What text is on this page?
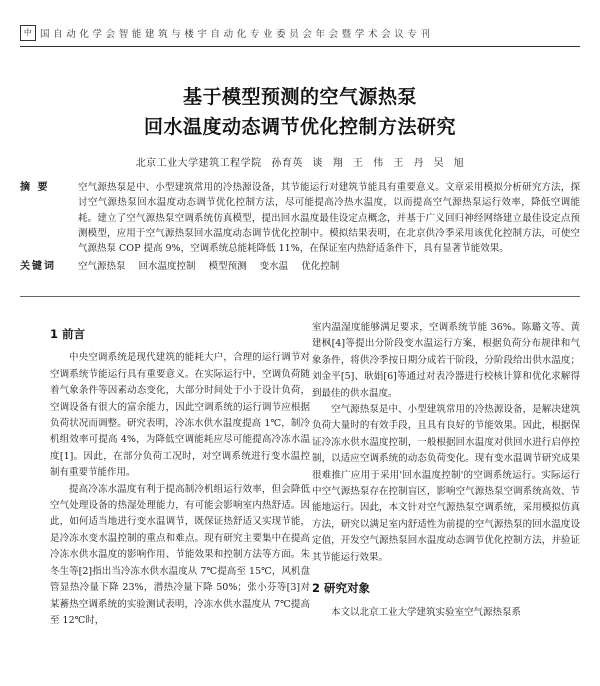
中 国 自 动 化 学 会 智 能 建 筑 与 楼 宇 自 动 化 专 业 委 员 会 年 会 暨 学 术 会 议 专 刊
基于模型预测的空气源热泵
回水温度动态调节优化控制方法研究
北京工业大学建筑工程学院 孙育英 谈 翔 王 伟 王 丹 吴 旭
摘 要	空气源热泵是中、小型建筑常用的冷热源设备，其节能运行对建筑节能具有重要意义。文章采用模拟分析研究方法，探讨空气源热泵回水温度动态调节优化控制方法，尽可能提高冷热水温度，以而提高空气源热泵运行效率，降低空调能耗。建立了空气源热泵空调系统仿真模型，提出回水温度最佳设定点概念，并基于广义回归神经网络建立最佳设定点预测模型，应用于空气源热泵回水温度动态调节优化控制中。模拟结果表明，在北京供冷季采用该优化控制方法，可使空气源热泵 COP 提高 9%，空调系统总能耗降低 11%，在保证室内热舒适条件下，具有显著节能效果。
关键词	空气源热泵 回水温度控制 模型预测 变水温 优化控制
1 前言

中央空调系统是现代建筑的能耗大户，合理的运行调节对空调系统节能运行具有重要意义。在实际运行中，空调负荷随着气象条件等因素动态变化，大部分时间处于小于设计负荷，空调设备有很大的富余能力，因此空调系统的运行调节应根据负荷状况而调整。研究表明，冷冻水供水温度提高 1℃，制冷机组效率可提高 4%，为降低空调能耗应尽可能提高冷冻水温度[1]。因此，在部分负荷工况时，对空调系统进行变水温控制有重要节能作用。

提高冷冻水温度有利于提高制冷机组运行效率，但会降低空气处理设备的热湿处理能力，有可能会影响室内热舒适。因此，如何适当地进行变水温调节，既保证热舒适又实现节能，是冷冻水变水温控制的重点和难点。现有研究主要集中在提高冷冻水供水温度的影响作用、节能效果和控制方法等方面。朱冬生等[2]指出当冷冻水供水温度从 7℃提高至 15℃，风机盘管显热冷量下降 23%，潜热冷量下降 50%；张小芬等[3]对某蓄热空调系统的实验测试表明，冷冻水供水温度从 7℃提高至 12℃时，

室内温湿度能够满足要求，空调系统节能 36%。陈璐文等、黄建枫[4]等提出分阶段变水温运行方案，根据负荷分布规律和气象条件，将供冷季按日期分成若干阶段，分阶段给出供水温度；刘金平[5]、耿娟[6]等通过对表冷器进行校核计算和优化求解得到最佳的供水温度。

空气源热泵是中、小型建筑常用的冷热源设备，是解决建筑负荷大量时的有效手段，且具有良好的节能效果。因此，根据保证冷冻水供水温度控制，一般根据回水温度对供回水进行启停控制，以适应空调系统的动态负荷变化。现有变水温调节研究成果很难推广应用于采用'回水温度控制'的空调系统运行。实际运行中空气源热泵存在控制盲区，影响空气源热泵空调系统高效、节能地运行。因此，本文针对空气源热泵空调系统，采用模拟仿真方法，研究以满足室内舒适性为前提的空气源热泵的回水温度设定值，开发空气源热泵回水温度动态调节优化控制方法，并验证其节能运行效果。

2 研究对象

本文以北京工业大学建筑实验室空气源热泵系
